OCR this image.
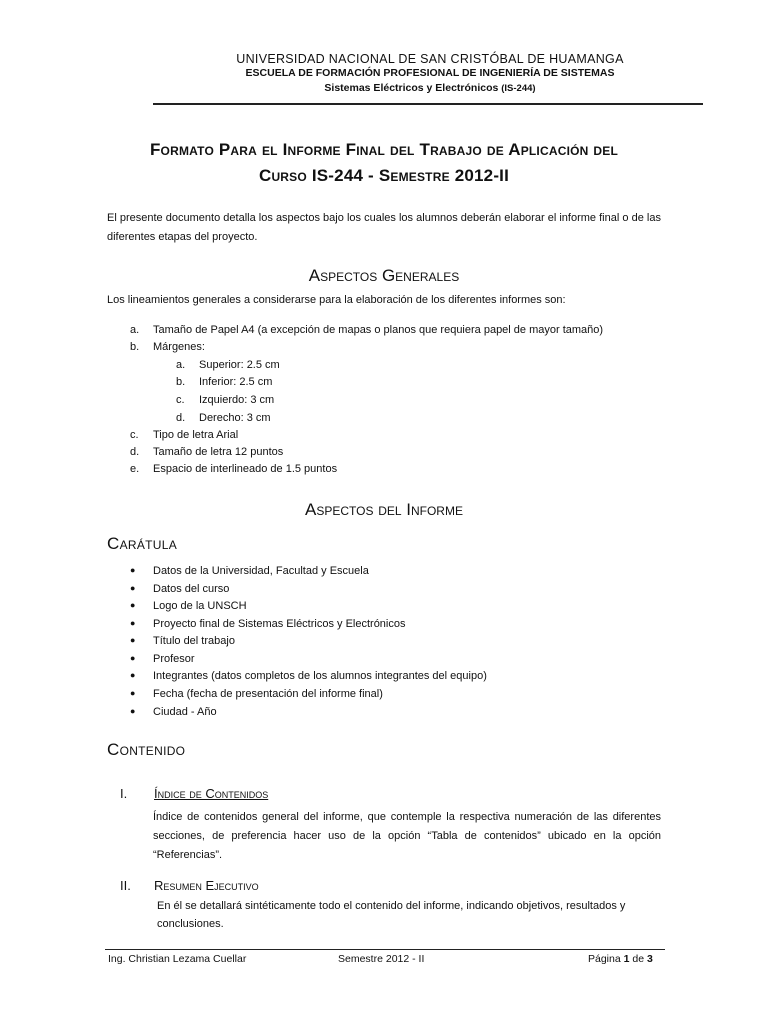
UNIVERSIDAD NACIONAL DE SAN CRISTÓBAL DE HUAMANGA
ESCUELA DE FORMACIÓN PROFESIONAL DE INGENIERÍA DE SISTEMAS
Sistemas Eléctricos y Electrónicos (IS-244)
Formato Para el Informe Final del Trabajo de Aplicación del
Curso IS-244 - Semestre 2012-II
El presente documento detalla los aspectos bajo los cuales los alumnos deberán elaborar el informe final o de las diferentes etapas del proyecto.
Aspectos Generales
Los lineamientos generales a considerarse para la elaboración de los diferentes informes son:
a. Tamaño de Papel A4 (a excepción de mapas o planos que requiera papel de mayor tamaño)
b. Márgenes:
a. Superior: 2.5 cm
b. Inferior: 2.5 cm
c. Izquierdo: 3 cm
d. Derecho: 3 cm
c. Tipo de letra Arial
d. Tamaño de letra 12 puntos
e. Espacio de interlineado de 1.5 puntos
Aspectos del Informe
Carátula
● Datos de la Universidad, Facultad y Escuela
● Datos del curso
● Logo de la UNSCH
● Proyecto final de Sistemas Eléctricos y Electrónicos
● Título del trabajo
● Profesor
● Integrantes (datos completos de los alumnos integrantes del equipo)
● Fecha (fecha de presentación del informe final)
● Ciudad - Año
Contenido
I. Índice de Contenidos
Índice de contenidos general del informe, que contemple la respectiva numeración de las diferentes secciones, de preferencia hacer uso de la opción “Tabla de contenidos” ubicado en la opción “Referencias”.
II. Resumen Ejecutivo
En él se detallará sintéticamente todo el contenido del informe, indicando objetivos, resultados y conclusiones.
Ing. Christian Lezama Cuellar	Semestre 2012 - II	Página 1 de 3
